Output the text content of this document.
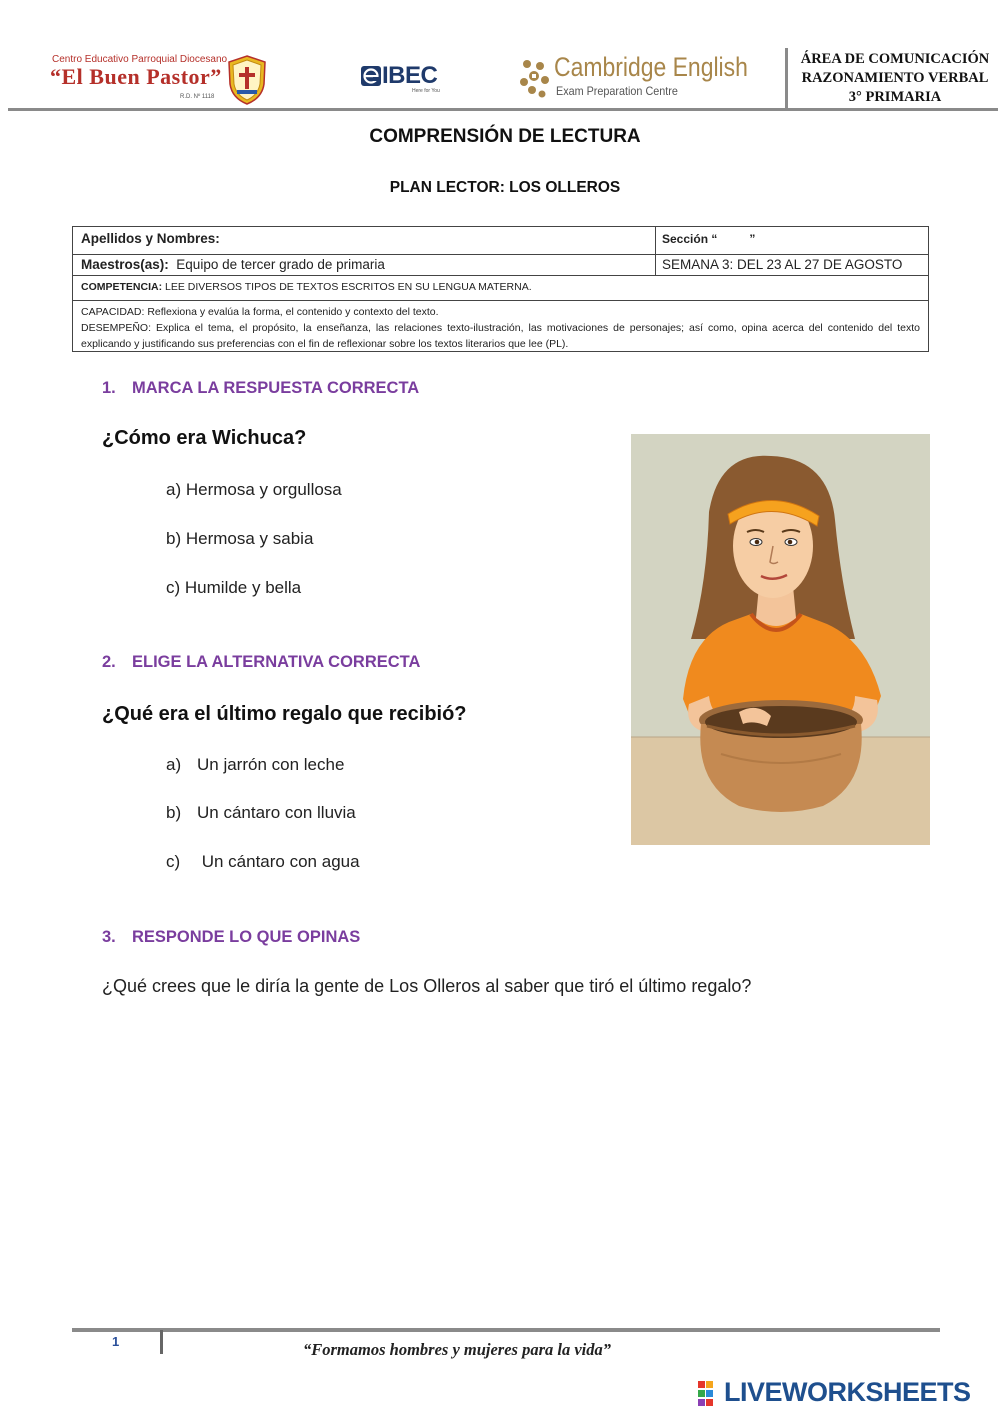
Centro Educativo Parroquial Diocesano
“El Buen Pastor”
R.D. Nº 1118
IBEC
Here for You
Cambridge English
Exam Preparation Centre
ÁREA DE COMUNICACIÓN
RAZONAMIENTO VERBAL
3° PRIMARIA
COMPRENSIÓN DE LECTURA
PLAN LECTOR: LOS OLLEROS
Apellidos y Nombres:	Sección “	”
Maestros(as): Equipo de tercer grado de primaria	SEMANA 3: DEL 23 AL 27 DE AGOSTO
COMPETENCIA:
LEE DIVERSOS TIPOS DE TEXTOS ESCRITOS EN SU LENGUA MATERNA.
CAPACIDAD: Reflexiona y evalúa la forma, el contenido y contexto del texto.
DESEMPEÑO: Explica el tema, el propósito, la enseñanza, las relaciones texto-ilustración, las motivaciones de personajes; así como, opina acerca del contenido del texto explicando y justificando sus preferencias con el fin de reflexionar sobre los textos literarios que lee (PL).
1. MARCA LA RESPUESTA CORRECTA
¿Cómo era Wichuca?
a) Hermosa y orgullosa
b) Hermosa y sabia
c) Humilde y bella
2. ELIGE LA ALTERNATIVA CORRECTA
¿Qué era el último regalo que recibió?
a) Un jarrón con leche
b) Un cántaro con lluvia
c) Un cántaro con agua
3. RESPONDE LO QUE OPINAS
¿Qué crees que le diría la gente de Los Olleros al saber que tiró el último regalo?
1	“Formamos hombres y mujeres para la vida”
LIVEWORKSHEETS
